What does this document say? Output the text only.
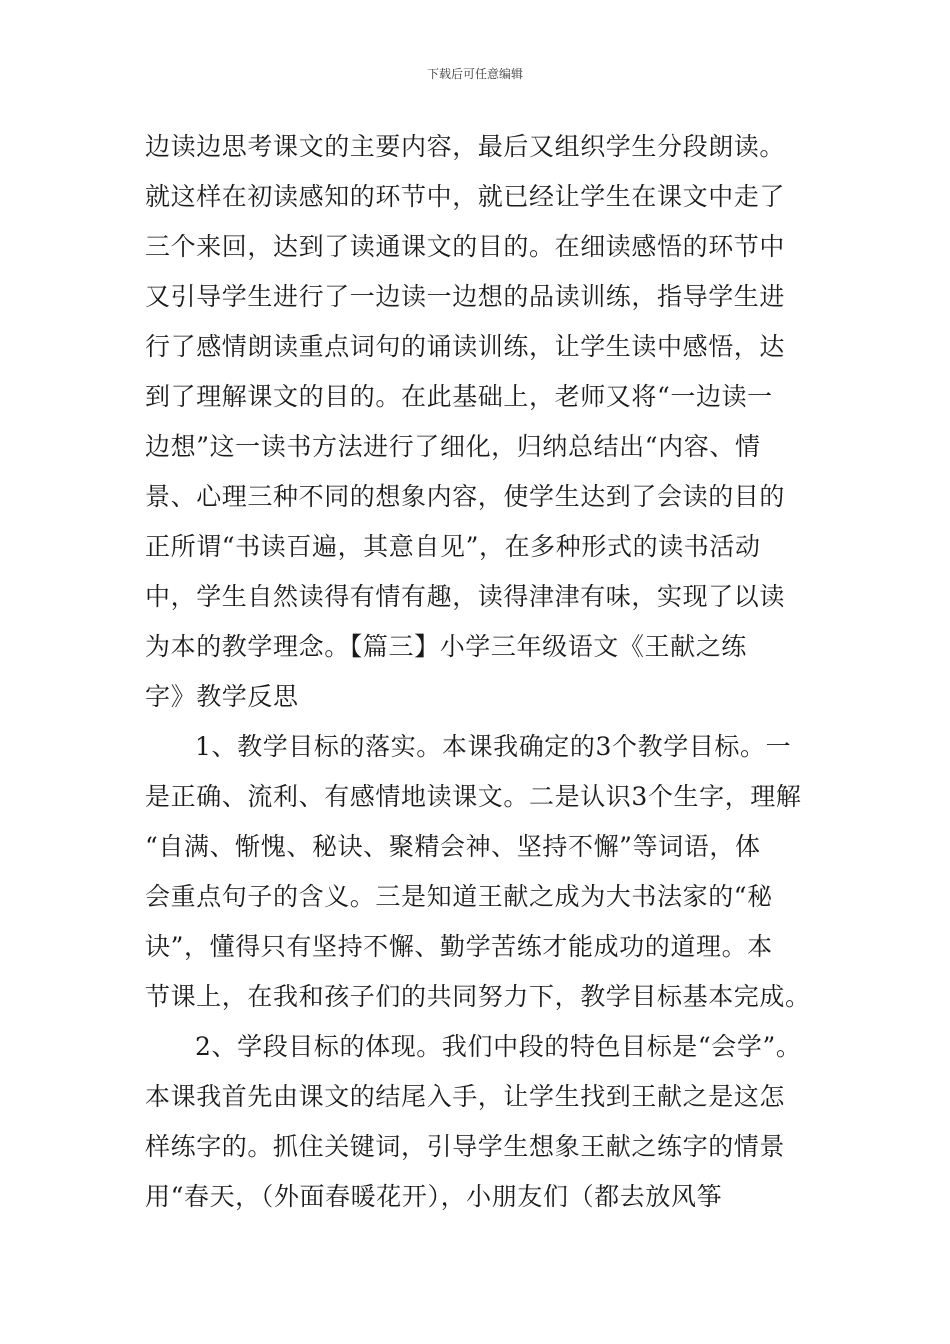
下载后可任意编辑
边读边思考课文的主要内容，最后又组织学生分段朗读。
就这样在初读感知的环节中，就已经让学生在课文中走了
三个来回，达到了读通课文的目的。在细读感悟的环节中
又引导学生进行了一边读一边想的品读训练，指导学生进
行了感情朗读重点词句的诵读训练，让学生读中感悟，达
到了理解课文的目的。在此基础上，老师又将“一边读一
边想”这一读书方法进行了细化，归纳总结出“内容、情
景、心理三种不同的想象内容，使学生达到了会读的目的
正所谓“书读百遍，其意自见”，在多种形式的读书活动
中，学生自然读得有情有趣，读得津津有味，实现了以读
为本的教学理念。【篇三】小学三年级语文《王献之练
字》教学反思
1、教学目标的落实。本课我确定的3个教学目标。一
是正确、流利、有感情地读课文。二是认识3个生字，理解
“自满、惭愧、秘诀、聚精会神、坚持不懈”等词语，体
会重点句子的含义。三是知道王献之成为大书法家的“秘
诀”，懂得只有坚持不懈、勤学苦练才能成功的道理。本
节课上，在我和孩子们的共同努力下，教学目标基本完成。
2、学段目标的体现。我们中段的特色目标是“会学”。
本课我首先由课文的结尾入手，让学生找到王献之是这怎
样练字的。抓住关键词，引导学生想象王献之练字的情景
用“春天，（外面春暖花开），小朋友们（都去放风筝
